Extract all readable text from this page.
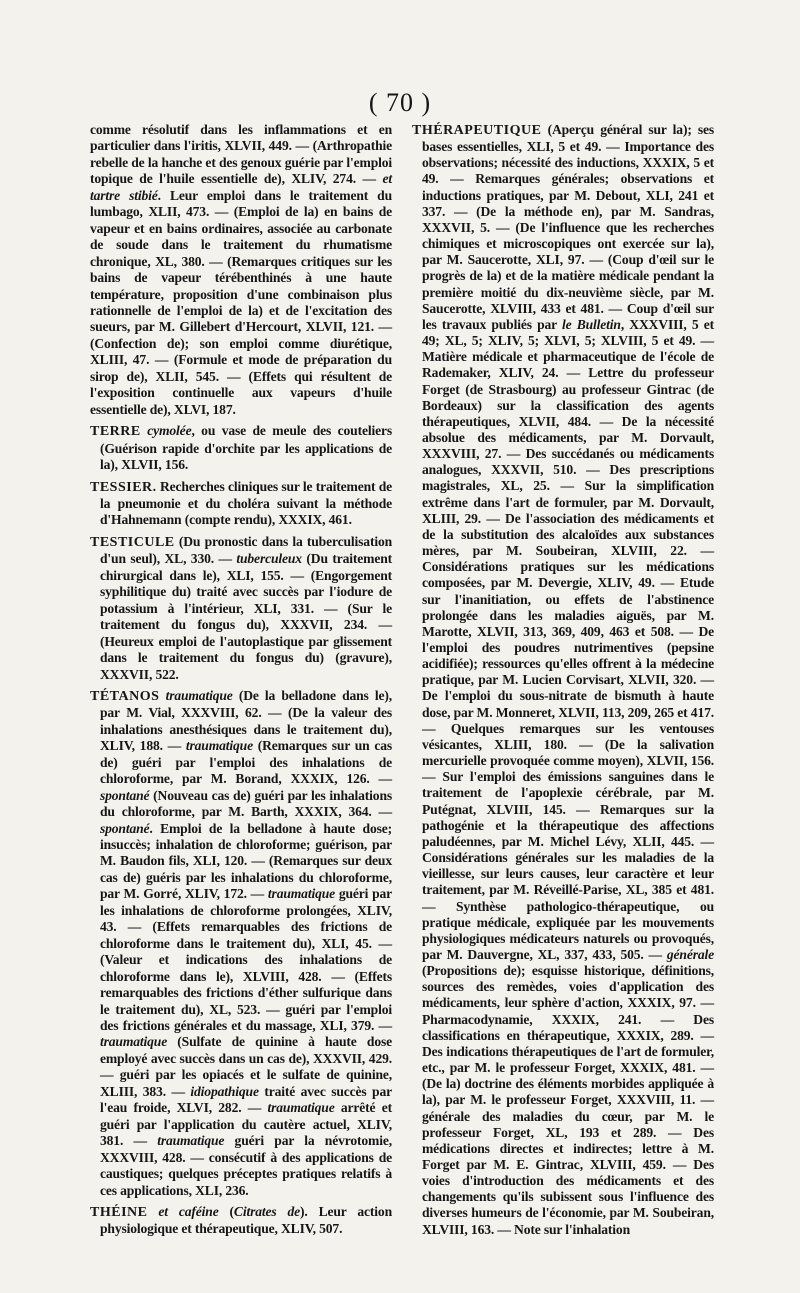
( 70 )

comme résolutif dans les inflammations et en particulier dans l'iritis, XLVII, 449. — (Arthropathie rebelle de la hanche et des genoux guérie par l'emploi topique de l'huile essentielle de), XLIV, 274. — et tartre stibié. Leur emploi dans le traitement du lumbago, XLII, 473. — (Emploi de la) en bains de vapeur et en bains ordinaires, associée au carbonate de soude dans le traitement du rhumatisme chronique, XL, 380. — (Remarques critiques sur les bains de vapeur térébenthinés à une haute température, proposition d'une combinaison plus rationnelle de l'emploi de la) et de l'excitation des sueurs, par M. Gillebert d'Hercourt, XLVII, 121. — (Confection de); son emploi comme diurétique, XLIII, 47. — (Formule et mode de préparation du sirop de), XLII, 545. — (Effets qui résultent de l'exposition continuelle aux vapeurs d'huile essentielle de), XLVI, 187.

TERRE cymolée, ou vase de meule des couteliers (Guérison rapide d'orchite par les applications de la), XLVII, 156.

TESSIER. Recherches cliniques sur le traitement de la pneumonie et du choléra suivant la méthode d'Hahnemann (compte rendu), XXXIX, 461.

TESTICULE (Du pronostic dans la tuberculisation d'un seul), XL, 330. — tuberculeux (Du traitement chirurgical dans le), XLI, 155. — (Engorgement syphilitique du) traité avec succès par l'iodure de potassium à l'intérieur, XLI, 331. — (Sur le traitement du fongus du), XXXVII, 234. — (Heureux emploi de l'autoplastique par glissement dans le traitement du fongus du) (gravure), XXXVII, 522.

TÉTANOS traumatique (De la belladone dans le), par M. Vial, XXXVIII, 62. — (De la valeur des inhalations anesthésiques dans le traitement du), XLIV, 188. — traumatique (Remarques sur un cas de) guéri par l'emploi des inhalations de chloroforme, par M. Borand, XXXIX, 126. — spontané (Nouveau cas de) guéri par les inhalations du chloroforme, par M. Barth, XXXIX, 364. — spontané. Emploi de la belladone à haute dose; insuccès; inhalation de chloroforme; guérison, par M. Baudon fils, XLI, 120. — (Remarques sur deux cas de) guéris par les inhalations du chloroforme, par M. Gorré, XLIV, 172. — traumatique guéri par les inhalations de chloroforme prolongées, XLIV, 43. — (Effets remarquables des frictions de chloroforme dans le traitement du), XLI, 45. — (Valeur et indications des inhalations de chloroforme dans le), XLVIII, 428. — (Effets remarquables des frictions d'éther sulfurique dans le traitement du), XL, 523. — guéri par l'emploi des frictions générales et du massage, XLI, 379. — traumatique (Sulfate de quinine à haute dose employé avec succès dans un cas de), XXXVII, 429. — guéri par les opiacés et le sulfate de quinine, XLIII, 383. — idiopathique traité avec succès par l'eau froide, XLVI, 282. — traumatique arrêté et guéri par l'application du cautère actuel, XLIV, 381. — traumatique guéri par la névrotomie, XXXVIII, 428. — consécutif à des applications de caustiques; quelques préceptes pratiques relatifs à ces applications, XLI, 236.

THÉINE et caféine (Citrates de). Leur action physiologique et thérapeutique, XLIV, 507.

THÉRAPEUTIQUE (Aperçu général sur la); ses bases essentielles, XLI, 5 et 49. — Importance des observations; nécessité des inductions, XXXIX, 5 et 49. — Remarques générales; observations et inductions pratiques, par M. Debout, XLI, 241 et 337. — (De la méthode en), par M. Sandras, XXXVII, 5. — (De l'influence que les recherches chimiques et microscopiques ont exercée sur la), par M. Saucerotte, XLI, 97. — (Coup d'œil sur le progrès de la) et de la matière médicale pendant la première moitié du dix-neuvième siècle, par M. Saucerotte, XLVIII, 433 et 481. — Coup d'œil sur les travaux publiés par le Bulletin, XXXVIII, 5 et 49; XL, 5; XLIV, 5; XLVI, 5; XLVIII, 5 et 49. — Matière médicale et pharmaceutique de l'école de Rademaker, XLIV, 24. — Lettre du professeur Forget (de Strasbourg) au professeur Gintrac (de Bordeaux) sur la classification des agents thérapeutiques, XLVII, 484. — De la nécessité absolue des médicaments, par M. Dorvault, XXXVIII, 27. — Des succédanés ou médicaments analogues, XXXVII, 510. — Des prescriptions magistrales, XL, 25. — Sur la simplification extrême dans l'art de formuler, par M. Dorvault, XLIII, 29. — De l'association des médicaments et de la substitution des alcaloïdes aux substances mères, par M. Soubeiran, XLVIII, 22. — Considérations pratiques sur les médications composées, par M. Devergie, XLIV, 49. — Etude sur l'inanitiation, ou effets de l'abstinence prolongée dans les maladies aiguës, par M. Marotte, XLVII, 313, 369, 409, 463 et 508. — De l'emploi des poudres nutrimentives (pepsine acidifiée); ressources qu'elles offrent à la médecine pratique, par M. Lucien Corvisart, XLVII, 320. — De l'emploi du sous-nitrate de bismuth à haute dose, par M. Monneret, XLVII, 113, 209, 265 et 417. — Quelques remarques sur les ventouses vésicantes, XLIII, 180. — (De la salivation mercurielle provoquée comme moyen), XLVII, 156. — Sur l'emploi des émissions sanguines dans le traitement de l'apoplexie cérébrale, par M. Putégnat, XLVIII, 145. — Remarques sur la pathogénie et la thérapeutique des affections paludéennes, par M. Michel Lévy, XLII, 445. — Considérations générales sur les maladies de la vieillesse, sur leurs causes, leur caractère et leur traitement, par M. Réveillé-Parise, XL, 385 et 481. — Synthèse pathologico-thérapeutique, ou pratique médicale, expliquée par les mouvements physiologiques médicateurs naturels ou provoqués, par M. Dauvergne, XL, 337, 433, 505. — générale (Propositions de); esquisse historique, définitions, sources des remèdes, voies d'application des médicaments, leur sphère d'action, XXXIX, 97. — Pharmacodynamie, XXXIX, 241. — Des classifications en thérapeutique, XXXIX, 289. — Des indications thérapeutiques de l'art de formuler, etc., par M. le professeur Forget, XXXIX, 481. — (De la) doctrine des éléments morbides appliquée à la), par M. le professeur Forget, XXXVIII, 11. — générale des maladies du cœur, par M. le professeur Forget, XL, 193 et 289. — Des médications directes et indirectes; lettre à M. Forget par M. E. Gintrac, XLVIII, 459. — Des voies d'introduction des médicaments et des changements qu'ils subissent sous l'influence des diverses humeurs de l'économie, par M. Soubeiran, XLVIII, 163. — Note sur l'inhalation
